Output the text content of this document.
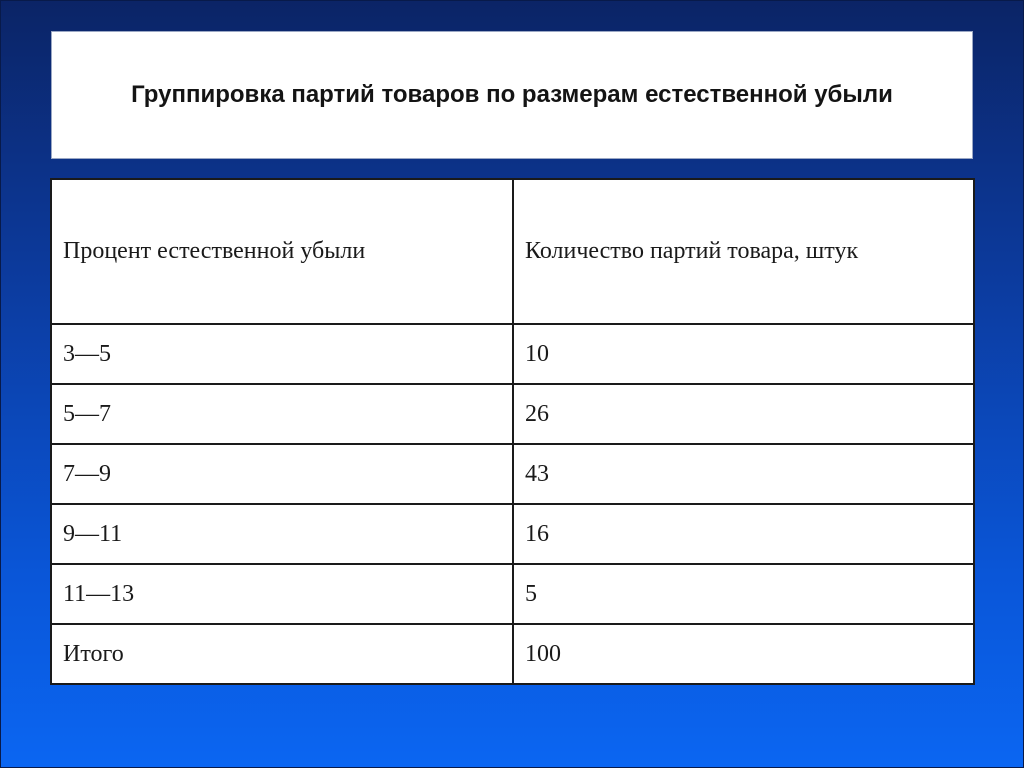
Группировка партий товаров по размерам естественной убыли
Процент естественной убыли	Количество партий товара, штук
3—5	10
5—7	26
7—9	43
9—11	16
11—13	5
Итого	100
